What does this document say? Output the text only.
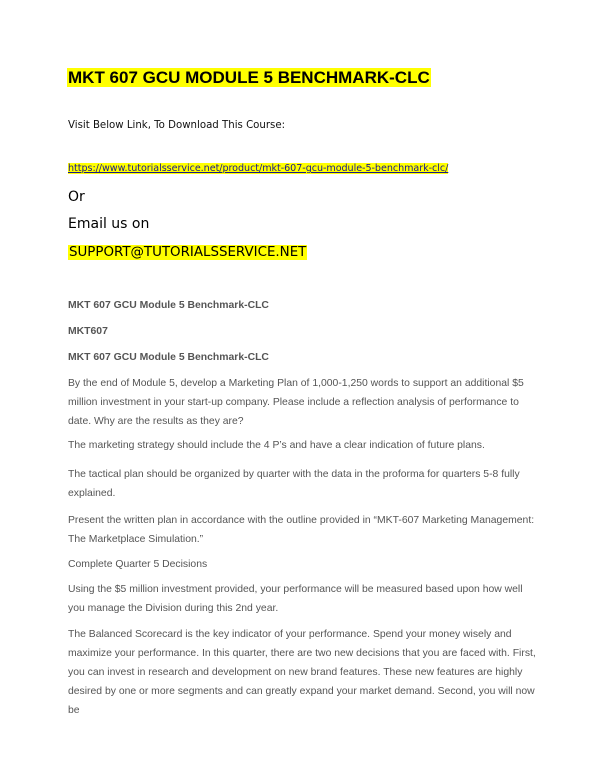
MKT 607 GCU MODULE 5 BENCHMARK-CLC
Visit Below Link, To Download This Course:
https://www.tutorialsservice.net/product/mkt-607-gcu-module-5-benchmark-clc/
Or
Email us on
SUPPORT@TUTORIALSSERVICE.NET
MKT 607 GCU Module 5 Benchmark-CLC
MKT607
MKT 607 GCU Module 5 Benchmark-CLC

By the end of Module 5, develop a Marketing Plan of 1,000-1,250 words to support an additional $5 million investment in your start-up company. Please include a reflection analysis of performance to date. Why are the results as they are?

The marketing strategy should include the 4 P’s and have a clear indication of future plans.

The tactical plan should be organized by quarter with the data in the proforma for quarters 5-8 fully explained.

Present the written plan in accordance with the outline provided in “MKT-607 Marketing Management: The Marketplace Simulation.”

Complete Quarter 5 Decisions

Using the $5 million investment provided, your performance will be measured based upon how well you manage the Division during this 2nd year.

The Balanced Scorecard is the key indicator of your performance. Spend your money wisely and maximize your performance. In this quarter, there are two new decisions that you are faced with. First, you can invest in research and development on new brand features. These new features are highly desired by one or more segments and can greatly expand your market demand. Second, you will now be
